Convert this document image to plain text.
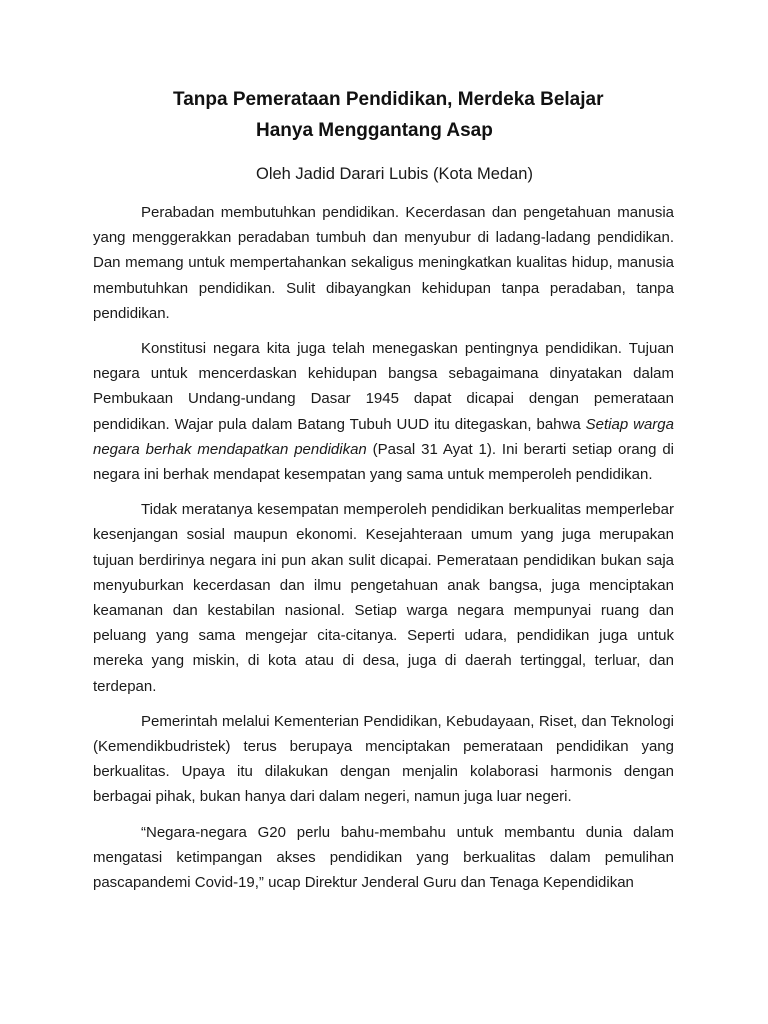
Tanpa Pemerataan Pendidikan, Merdeka Belajar
Hanya Menggantang Asap

Oleh Jadid Darari Lubis (Kota Medan)

Perabadan membutuhkan pendidikan. Kecerdasan dan pengetahuan manusia yang menggerakkan peradaban tumbuh dan menyubur di ladang-ladang pendidikan. Dan memang untuk mempertahankan sekaligus meningkatkan kualitas hidup, manusia membutuhkan pendidikan. Sulit dibayangkan kehidupan tanpa peradaban, tanpa pendidikan.

Konstitusi negara kita juga telah menegaskan pentingnya pendidikan. Tujuan negara untuk mencerdaskan kehidupan bangsa sebagaimana dinyatakan dalam Pembukaan Undang-undang Dasar 1945 dapat dicapai dengan pemerataan pendidikan. Wajar pula dalam Batang Tubuh UUD itu ditegaskan, bahwa Setiap warga negara berhak mendapatkan pendidikan (Pasal 31 Ayat 1). Ini berarti setiap orang di negara ini berhak mendapat kesempatan yang sama untuk memperoleh pendidikan.

Tidak meratanya kesempatan memperoleh pendidikan berkualitas memperlebar kesenjangan sosial maupun ekonomi. Kesejahteraan umum yang juga merupakan tujuan berdirinya negara ini pun akan sulit dicapai. Pemerataan pendidikan bukan saja menyuburkan kecerdasan dan ilmu pengetahuan anak bangsa, juga menciptakan keamanan dan kestabilan nasional. Setiap warga negara mempunyai ruang dan peluang yang sama mengejar cita-citanya. Seperti udara, pendidikan juga untuk mereka yang miskin, di kota atau di desa, juga di daerah tertinggal, terluar, dan terdepan.

Pemerintah melalui Kementerian Pendidikan, Kebudayaan, Riset, dan Teknologi (Kemendikbudristek) terus berupaya menciptakan pemerataan pendidikan yang berkualitas. Upaya itu dilakukan dengan menjalin kolaborasi harmonis dengan berbagai pihak, bukan hanya dari dalam negeri, namun juga luar negeri.

“Negara-negara G20 perlu bahu-membahu untuk membantu dunia dalam mengatasi ketimpangan akses pendidikan yang berkualitas dalam pemulihan pascapandemi Covid-19,” ucap Direktur Jenderal Guru dan Tenaga Kependidikan
